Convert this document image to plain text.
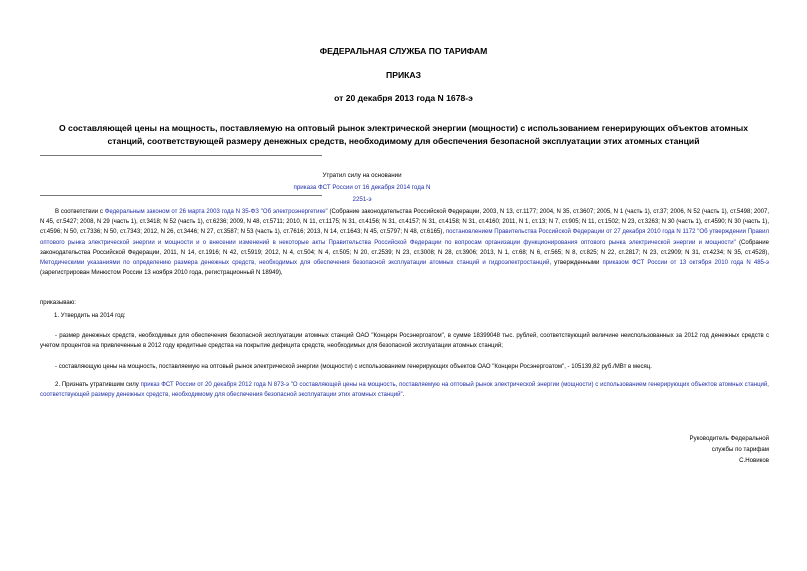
ФЕДЕРАЛЬНАЯ СЛУЖБА ПО ТАРИФАМ
ПРИКАЗ
от 20 декабря 2013 года N 1678-э
О составляющей цены на мощность, поставляемую на оптовый рынок электрической энергии (мощности) с использованием генерирующих объектов атомных станций, соответствующей размеру денежных средств, необходимому для обеспечения безопасной эксплуатации этих атомных станций
Утратил силу на основании
приказа ФСТ России от 16 декабря 2014 года N 2251-э
В соответствии с Федеральным законом от 26 марта 2003 года N 35-ФЗ "Об электроэнергетике" (Собрание законодательства Российской Федерации, 2003, N 13, ст.1177; 2004, N 35, ст.3607; 2005, N 1 (часть 1), ст.37; 2006, N 52 (часть 1), ст.5498; 2007, N 45, ст.5427; 2008, N 29 (часть 1), ст.3418; N 52 (часть 1), ст.6236; 2009, N 48, ст.5711; 2010, N 11, ст.1175; N 31, ст.4156; N 31, ст.4157; N 31, ст.4158; N 31, ст.4160; 2011, N 1, ст.13; N 7, ст.905; N 11, ст.1502; N 23, ст.3263; N 30 (часть 1), ст.4590; N 30 (часть 1), ст.4596; N 50, ст.7336; N 50, ст.7343; 2012, N 26, ст.3446; N 27, ст.3587; N 53 (часть 1), ст.7616; 2013, N 14, ст.1643; N 45, ст.5797; N 48, ст.6165), постановлением Правительства Российской Федерации от 27 декабря 2010 года N 1172 "Об утверждении Правил оптового рынка электрической энергии и мощности и о внесении изменений в некоторые акты Правительства Российской Федерации по вопросам организации функционирования оптового рынка электрической энергии и мощности" (Собрание законодательства Российской Федерации, 2011, N 14, ст.1916; N 42, ст.5919; 2012, N 4, ст.504; N 4, ст.505; N 20, ст.2539; N 23, ст.3008; N 28, ст.3906; 2013, N 1, ст.68; N 6, ст.565; N 8, ст.825; N 22, ст.2817; N 23, ст.2909; N 31, ст.4234; N 35, ст.4528), Методическими указаниями по определению размера денежных средств, необходимых для обеспечения безопасной эксплуатации атомных станций и гидроэлектростанций, утвержденными приказом ФСТ России от 13 октября 2010 года N 485-э (зарегистрирован Минюстом России 13 ноября 2010 года, регистрационный N 18949),
приказываю:
1. Утвердить на 2014 год:
- размер денежных средств, необходимых для обеспечения безопасной эксплуатации атомных станций ОАО "Концерн Росэнергоатом", в сумме 18399048 тыс. рублей, соответствующий величине неиспользованных за 2012 год денежных средств с учетом процентов на привлеченные в 2012 году кредитные средства на покрытие дефицита средств, необходимых для безопасной эксплуатации атомных станций;
- составляющую цены на мощность, поставляемую на оптовый рынок электрической энергии (мощности) с использованием генерирующих объектов ОАО "Концерн Росэнергоатом", - 105139,82 руб./МВт в месяц.
2. Признать утратившим силу приказ ФСТ России от 20 декабря 2012 года N 873-э "О составляющей цены на мощность, поставляемую на оптовый рынок электрической энергии (мощности) с использованием генерирующих объектов атомных станций, соответствующей размеру денежных средств, необходимому для обеспечения безопасной эксплуатации этих атомных станций".
Руководитель Федеральной
службы по тарифам
С.Новиков
